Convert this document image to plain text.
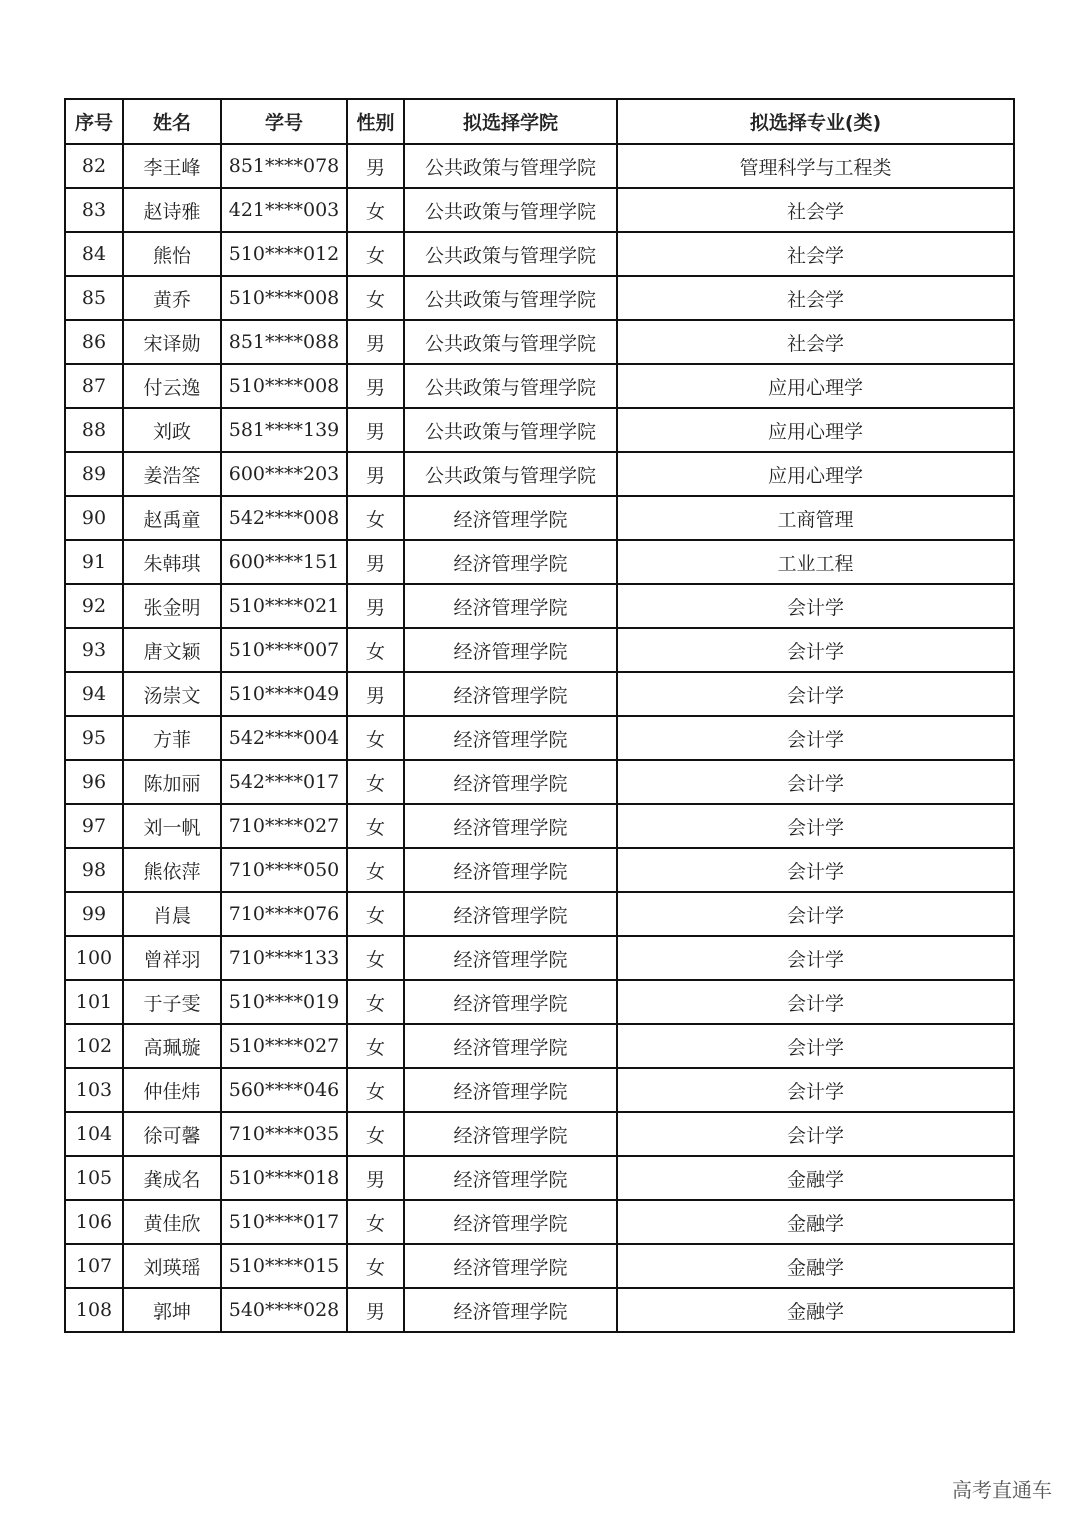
序号	姓名	学号	性别	拟选择学院	拟选择专业(类)
82	李王峰	851****078	男	公共政策与管理学院	管理科学与工程类
83	赵诗雅	421****003	女	公共政策与管理学院	社会学
84	熊怡	510****012	女	公共政策与管理学院	社会学
85	黄乔	510****008	女	公共政策与管理学院	社会学
86	宋译勋	851****088	男	公共政策与管理学院	社会学
87	付云逸	510****008	男	公共政策与管理学院	应用心理学
88	刘政	581****139	男	公共政策与管理学院	应用心理学
89	姜浩筌	600****203	男	公共政策与管理学院	应用心理学
90	赵禹童	542****008	女	经济管理学院	工商管理
91	朱韩琪	600****151	男	经济管理学院	工业工程
92	张金明	510****021	男	经济管理学院	会计学
93	唐文颖	510****007	女	经济管理学院	会计学
94	汤崇文	510****049	男	经济管理学院	会计学
95	方菲	542****004	女	经济管理学院	会计学
96	陈加丽	542****017	女	经济管理学院	会计学
97	刘一帆	710****027	女	经济管理学院	会计学
98	熊依萍	710****050	女	经济管理学院	会计学
99	肖晨	710****076	女	经济管理学院	会计学
100	曾祥羽	710****133	女	经济管理学院	会计学
101	于子雯	510****019	女	经济管理学院	会计学
102	高珮璇	510****027	女	经济管理学院	会计学
103	仲佳炜	560****046	女	经济管理学院	会计学
104	徐可馨	710****035	女	经济管理学院	会计学
105	龚成名	510****018	男	经济管理学院	金融学
106	黄佳欣	510****017	女	经济管理学院	金融学
107	刘瑛瑶	510****015	女	经济管理学院	金融学
108	郭坤	540****028	男	经济管理学院	金融学
高考直通车
